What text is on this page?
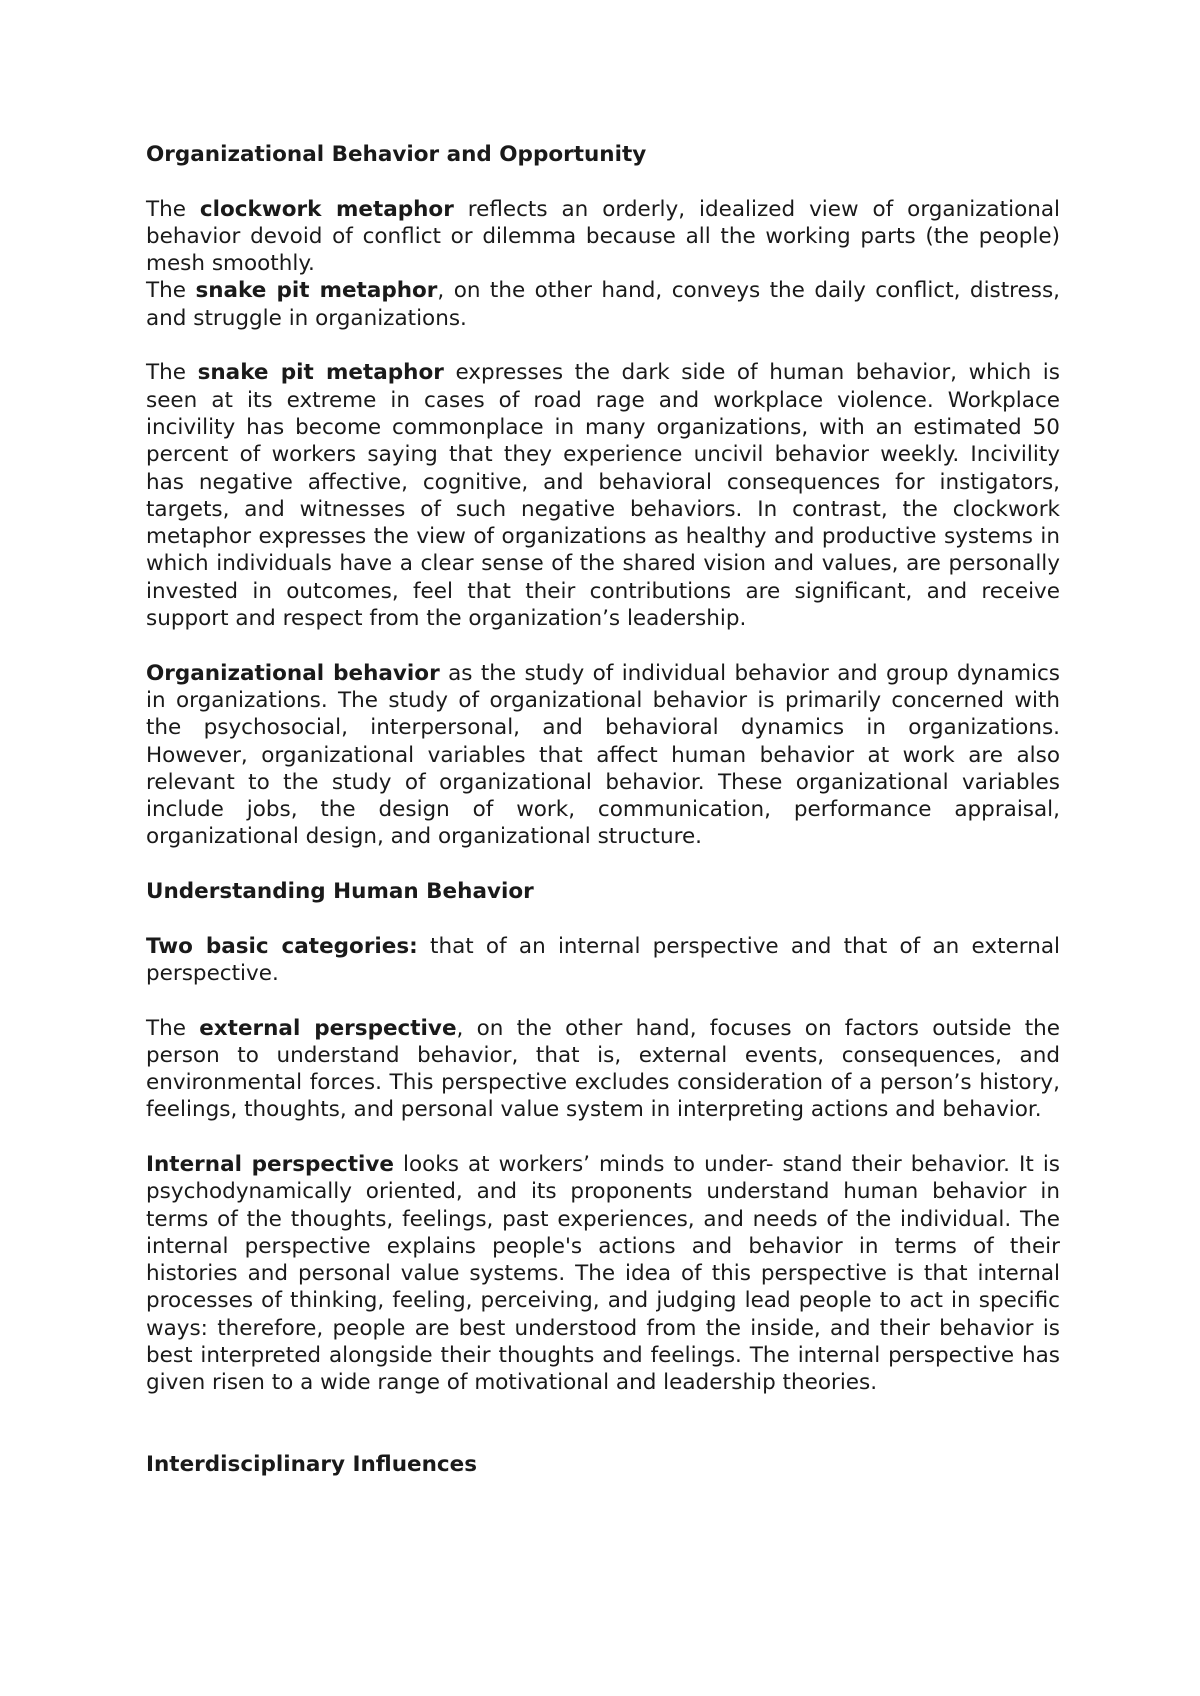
Organizational Behavior and Opportunity

The clockwork metaphor reflects an orderly, idealized view of organizational behavior devoid of conflict or dilemma because all the working parts (the people) mesh smoothly.

The snake pit metaphor, on the other hand, conveys the daily conflict, distress, and struggle in organizations.

The snake pit metaphor expresses the dark side of human behavior, which is seen at its extreme in cases of road rage and workplace violence. Workplace incivility has become commonplace in many organizations, with an estimated 50 percent of workers saying that they experience uncivil behavior weekly. Incivility has negative affective, cognitive, and behavioral consequences for instigators, targets, and witnesses of such negative behaviors. In contrast, the clockwork metaphor expresses the view of organizations as healthy and productive systems in which individuals have a clear sense of the shared vision and values, are personally invested in outcomes, feel that their contributions are significant, and receive support and respect from the organization’s leadership.

Organizational behavior as the study of individual behavior and group dynamics in organizations. The study of organizational behavior is primarily concerned with the psychosocial, interpersonal, and behavioral dynamics in organizations. However, organizational variables that affect human behavior at work are also relevant to the study of organizational behavior. These organizational variables include jobs, the design of work, communication, performance appraisal, organizational design, and organizational structure.

Understanding Human Behavior

Two basic categories: that of an internal perspective and that of an external perspective.

The external perspective, on the other hand, focuses on factors outside the person to understand behavior, that is, external events, consequences, and environmental forces. This perspective excludes consideration of a person’s history, feelings, thoughts, and personal value system in interpreting actions and behavior.

Internal perspective looks at workers’ minds to under- stand their behavior. It is psychodynamically oriented, and its proponents understand human behavior in terms of the thoughts, feelings, past experiences, and needs of the individual. The internal perspective explains people's actions and behavior in terms of their histories and personal value systems. The idea of this perspective is that internal processes of thinking, feeling, perceiving, and judging lead people to act in specific ways: therefore, people are best understood from the inside, and their behavior is best interpreted alongside their thoughts and feelings. The internal perspective has given risen to a wide range of motivational and leadership theories.

Interdisciplinary Influences
